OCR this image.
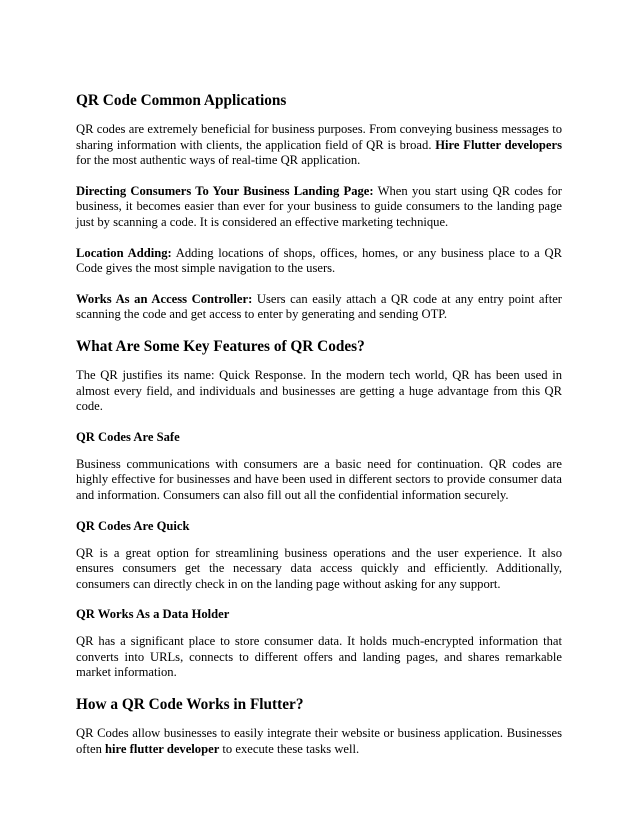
QR Code Common Applications

QR codes are extremely beneficial for business purposes. From conveying business messages to sharing information with clients, the application field of QR is broad. Hire Flutter developers for the most authentic ways of real-time QR application.

Directing Consumers To Your Business Landing Page: When you start using QR codes for business, it becomes easier than ever for your business to guide consumers to the landing page just by scanning a code. It is considered an effective marketing technique.

Location Adding: Adding locations of shops, offices, homes, or any business place to a QR Code gives the most simple navigation to the users.

Works As an Access Controller: Users can easily attach a QR code at any entry point after scanning the code and get access to enter by generating and sending OTP.

What Are Some Key Features of QR Codes?

The QR justifies its name: Quick Response. In the modern tech world, QR has been used in almost every field, and individuals and businesses are getting a huge advantage from this QR code.

QR Codes Are Safe

Business communications with consumers are a basic need for continuation. QR codes are highly effective for businesses and have been used in different sectors to provide consumer data and information. Consumers can also fill out all the confidential information securely.

QR Codes Are Quick

QR is a great option for streamlining business operations and the user experience. It also ensures consumers get the necessary data access quickly and efficiently. Additionally, consumers can directly check in on the landing page without asking for any support.

QR Works As a Data Holder

QR has a significant place to store consumer data. It holds much-encrypted information that converts into URLs, connects to different offers and landing pages, and shares remarkable market information.

How a QR Code Works in Flutter?

QR Codes allow businesses to easily integrate their website or business application. Businesses often hire flutter developer to execute these tasks well.
